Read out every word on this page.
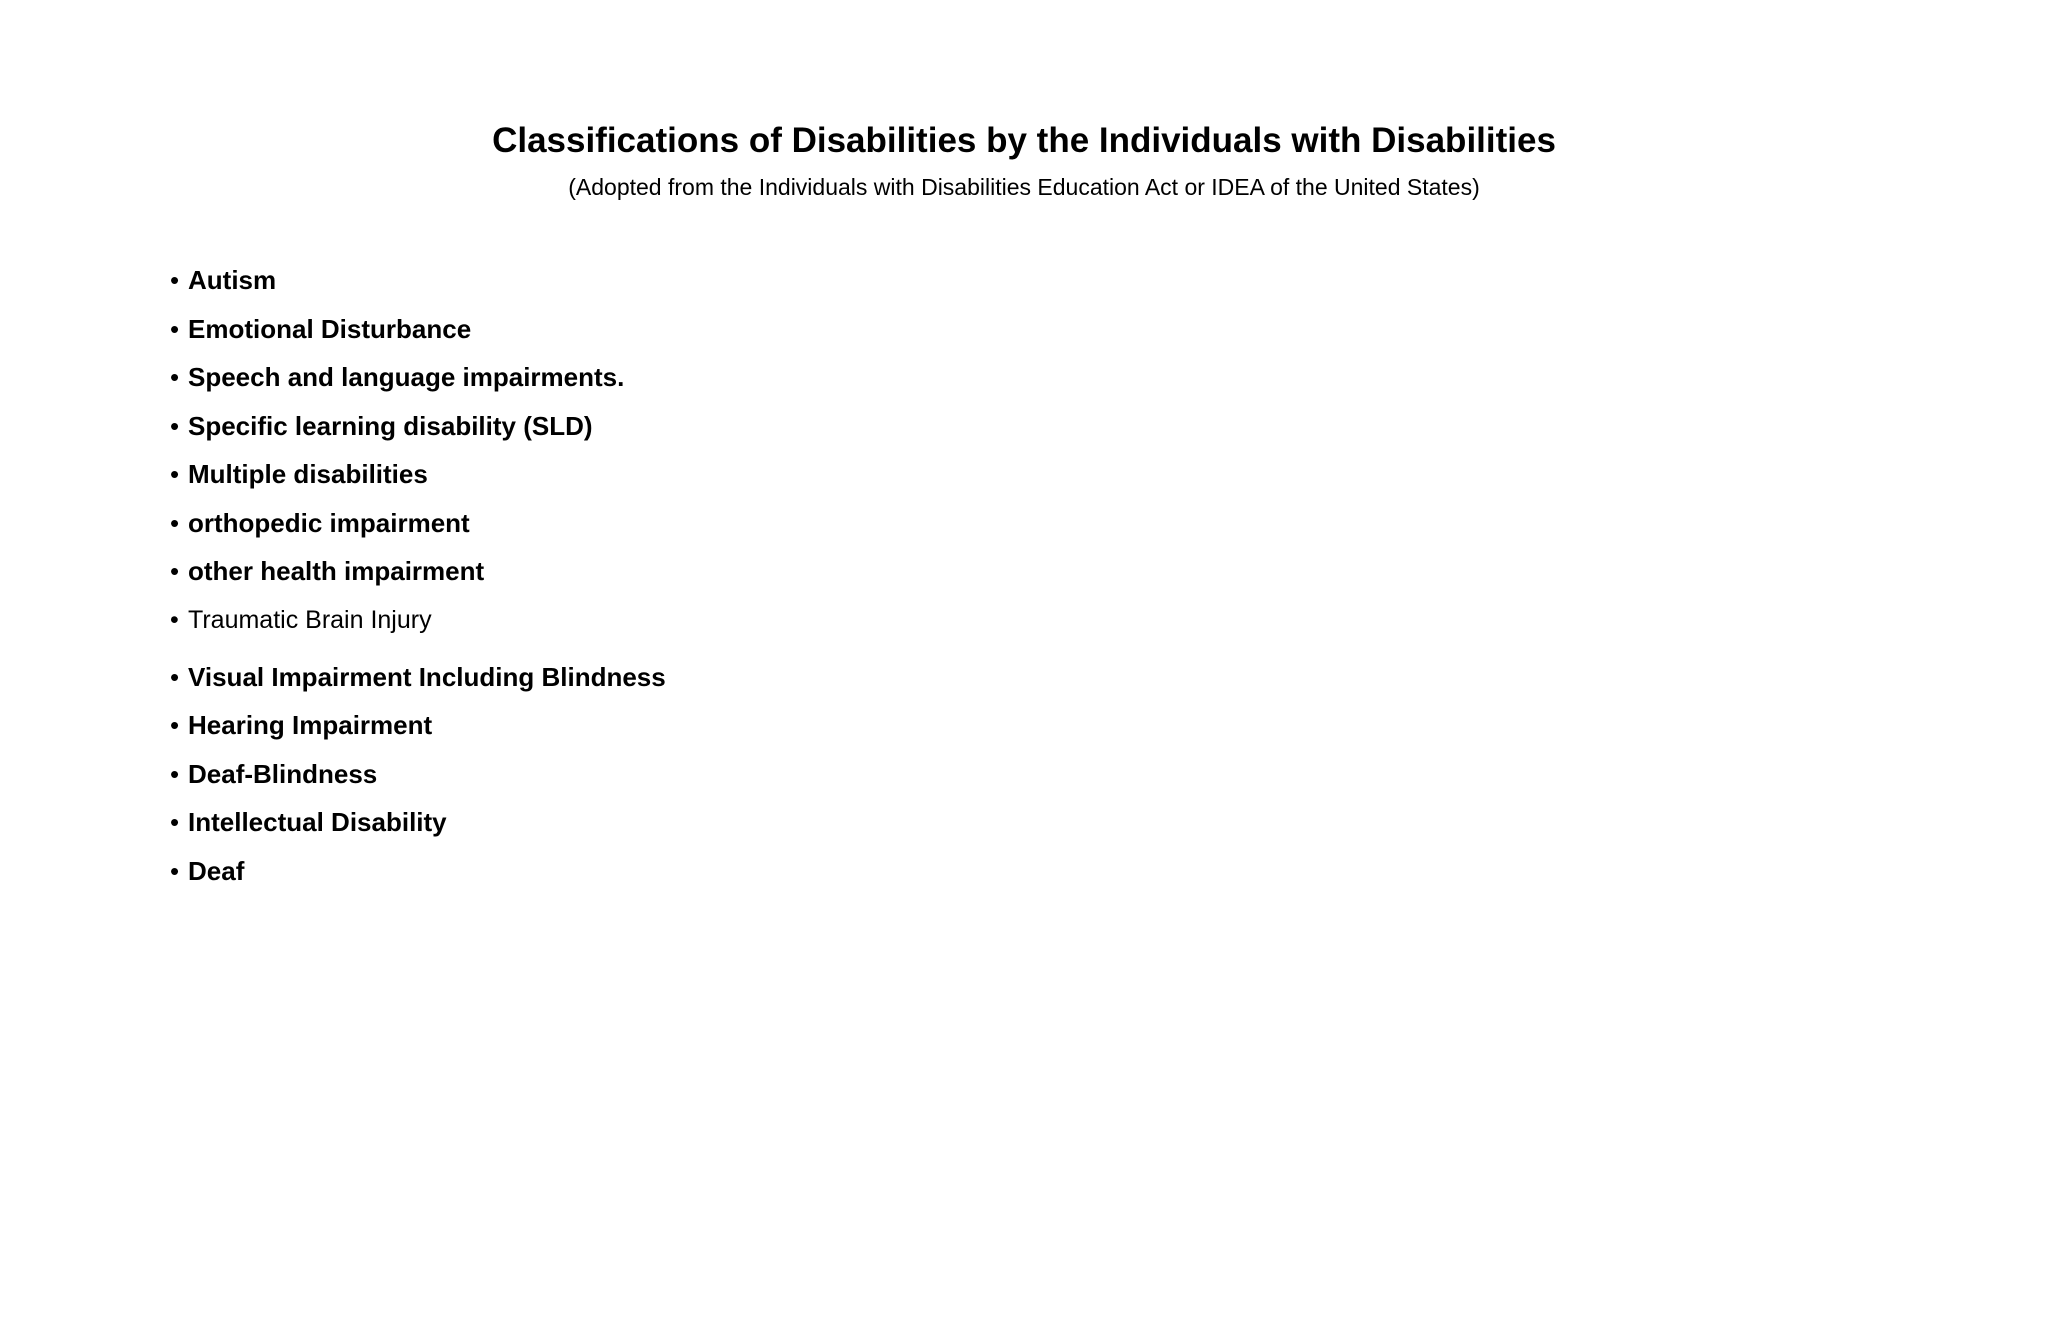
Classifications of Disabilities by the Individuals with Disabilities

(Adopted from the Individuals with Disabilities Education Act or IDEA of the United States)

• Autism
• Emotional Disturbance
• Speech and language impairments.
• Specific learning disability (SLD)
• Multiple disabilities
• orthopedic impairment
• other health impairment
• Traumatic Brain Injury
• Visual Impairment Including Blindness
• Hearing Impairment
• Deaf-Blindness
• Intellectual Disability
• Deaf
